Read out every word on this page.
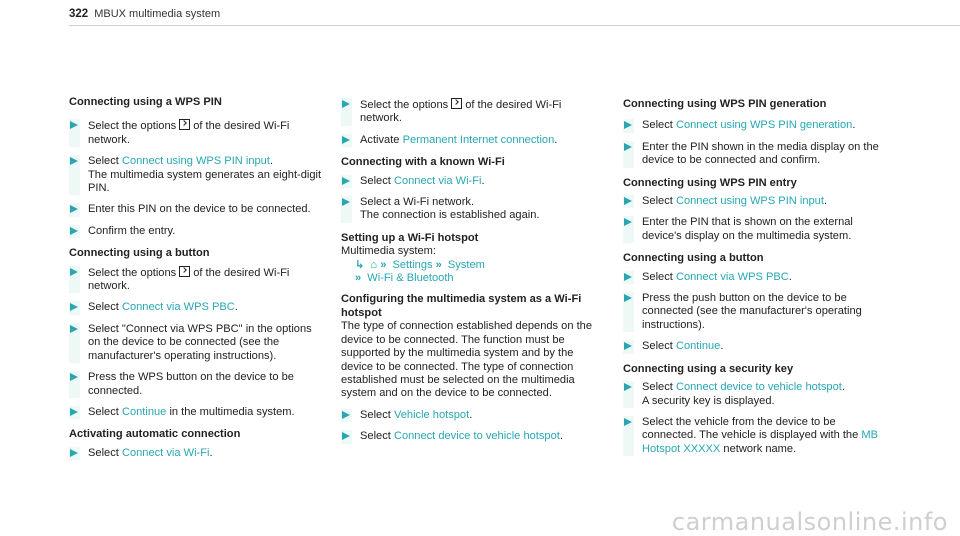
322 MBUX multimedia system

Connecting using a WPS PIN

Select the options of the desired Wi-Fi network.
Select Connect using WPS PIN input.
The multimedia system generates an eight-digit PIN.
Enter this PIN on the device to be connected.
Confirm the entry.

Connecting using a button

Select the options of the desired Wi-Fi network.
Select Connect via WPS PBC.
Select "Connect via WPS PBC" in the options on the device to be connected (see the manufacturer's operating instructions).
Press the WPS button on the device to be connected.
Select Continue in the multimedia system.

Activating automatic connection

Select Connect via Wi-Fi.
Select the options of the desired Wi-Fi network.
Activate Permanent Internet connection.

Connecting with a known Wi-Fi

Select Connect via Wi-Fi.
Select a Wi-Fi network.
The connection is established again.

Setting up a Wi-Fi hotspot

Multimedia system:

↳ ⌂ » Settings » System
» Wi-Fi & Bluetooth

Configuring the multimedia system as a Wi-Fi hotspot

The type of connection established depends on the device to be connected. The function must be supported by the multimedia system and by the device to be connected. The type of connection established must be selected on the multimedia system and on the device to be connected.

Select Vehicle hotspot.
Select Connect device to vehicle hotspot.

Connecting using WPS PIN generation

Select Connect using WPS PIN generation.
Enter the PIN shown in the media display on the device to be connected and confirm.

Connecting using WPS PIN entry

Select Connect using WPS PIN input.
Enter the PIN that is shown on the external device's display on the multimedia system.

Connecting using a button

Select Connect via WPS PBC.
Press the push button on the device to be connected (see the manufacturer's operating instructions).
Select Continue.

Connecting using a security key

Select Connect device to vehicle hotspot.
A security key is displayed.
Select the vehicle from the device to be connected. The vehicle is displayed with the MB Hotspot XXXXX network name.
carmanualsonline.info
